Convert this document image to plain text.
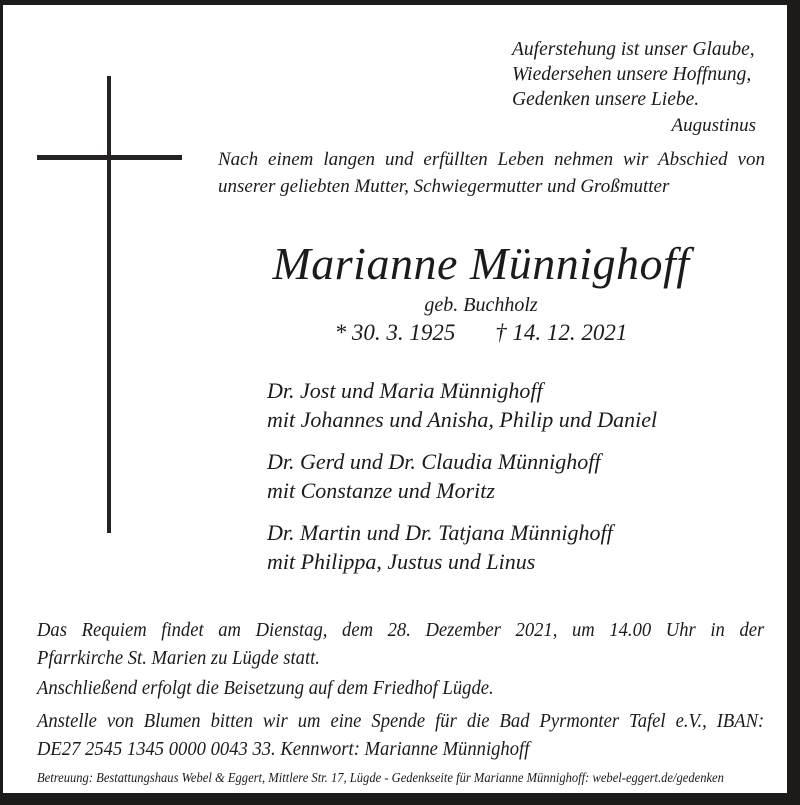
Auferstehung ist unser Glaube,
Wiedersehen unsere Hoffnung,
Gedenken unsere Liebe.
Augustinus
Nach einem langen und erfüllten Leben nehmen wir Abschied von
unserer geliebten Mutter, Schwiegermutter und Großmutter
Marianne Münnighoff
geb. Buchholz
* 30. 3. 1925 † 14. 12. 2021
Dr. Jost und Maria Münnighoff
mit Johannes und Anisha, Philip und Daniel
Dr. Gerd und Dr. Claudia Münnighoff
mit Constanze und Moritz
Dr. Martin und Dr. Tatjana Münnighoff
mit Philippa, Justus und Linus
Das Requiem findet am Dienstag, dem 28. Dezember 2021, um 14.00 Uhr in der
Pfarrkirche St. Marien zu Lügde statt.
Anschließend erfolgt die Beisetzung auf dem Friedhof Lügde.
Anstelle von Blumen bitten wir um eine Spende für die Bad Pyrmonter Tafel e.V., IBAN:
DE27 2545 1345 0000 0043 33. Kennwort: Marianne Münnighoff
Betreuung: Bestattungshaus Webel & Eggert, Mittlere Str. 17, Lügde - Gedenkseite für Marianne Münnighoff: webel-eggert.de/gedenken
